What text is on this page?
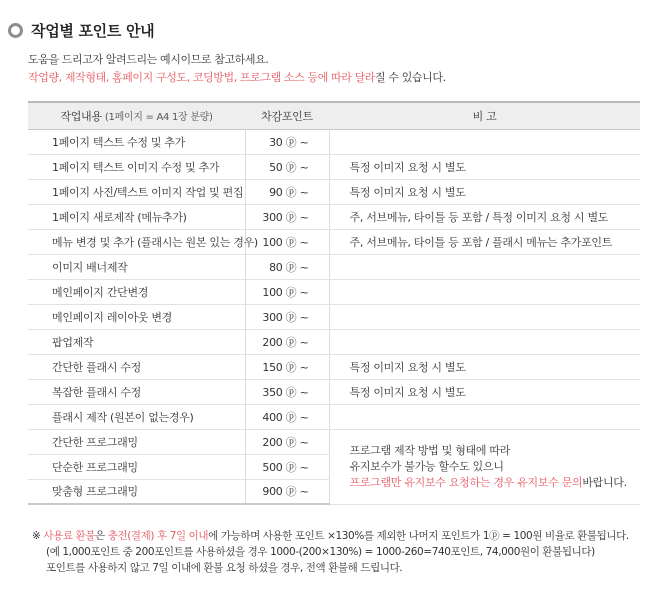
작업별 포인트 안내
도움을 드리고자 알려드리는 예시이므로 참고하세요.
작업량, 제작형태, 홈페이지 구성도, 코딩방법, 프로그램 소스 등에 따라 달라질 수 있습니다.
작업내용 (1페이지 = A4 1장 분량)	차감포인트	비 고
1페이지 텍스트 수정 및 추가	30 ⓟ ~	
1페이지 텍스트 이미지 수정 및 추가	50 ⓟ ~	특정 이미지 요청 시 별도
1페이지 사진/텍스트 이미지 작업 및 편집	90 ⓟ ~	특정 이미지 요청 시 별도
1페이지 새로제작 (메뉴추가)	300 ⓟ ~	주, 서브메뉴, 타이틀 등 포함 / 특정 이미지 요청 시 별도
메뉴 변경 및 추가 (플래시는 원본 있는 경우)	100 ⓟ ~	주, 서브메뉴, 타이틀 등 포함 / 플래시 메뉴는 추가포인트
이미지 배너제작	80 ⓟ ~	
메인페이지 간단변경	100 ⓟ ~	
메인페이지 레이아웃 변경	300 ⓟ ~	
팝업제작	200 ⓟ ~	
간단한 플래시 수정	150 ⓟ ~	특정 이미지 요청 시 별도
복잡한 플래시 수정	350 ⓟ ~	특정 이미지 요청 시 별도
플래시 제작 (원본이 없는경우)	400 ⓟ ~	
간단한 프로그래밍	200 ⓟ ~	프로그램 제작 방법 및 형태에 따라
유지보수가 불가능 할수도 있으니
프로그램만 유지보수 요청하는 경우 유지보수 문의바랍니다.

단순한 프로그래밍	500 ⓟ ~	
맞춤형 프로그래밍	900 ⓟ ~	
※ 사용료 환불은 충전(결제) 후 7일 이내에 가능하며 사용한 포인트 ×130%를 제외한 나머지 포인트가 1ⓟ = 100원 비율로 환불됩니다.
(예 1,000포인트 중 200포인트를 사용하셨을 경우 1000-(200×130%) = 1000-260=740포인트, 74,000원이 환불됩니다)
포인트를 사용하지 않고 7일 이내에 환불 요청 하셨을 경우, 전액 환불해 드립니다.
